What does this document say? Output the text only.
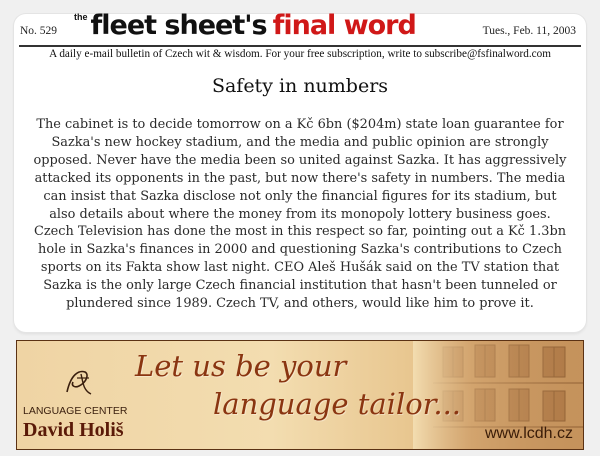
No. 529
$^{the}$ fleet sheet's final word	Tues., Feb. 11, 2003
A daily e-mail bulletin of Czech wit & wisdom. For your free subscription, write to subscribe@fsfinalword.com
Safety in numbers
The cabinet is to decide tomorrow on a Kč 6bn ($204m) state loan guarantee for
Sazka's new hockey stadium, and the media and public opinion are strongly
opposed. Never have the media been so united against Sazka. It has aggressively
attacked its opponents in the past, but now there's safety in numbers. The media
can insist that Sazka disclose not only the financial figures for its stadium, but
also details about where the money from its monopoly lottery business goes.
Czech Television has done the most in this respect so far, pointing out a Kč 1.3bn
hole in Sazka's finances in 2000 and questioning Sazka's contributions to Czech
sports on its Fakta show last night. CEO Aleš Hušák said on the TV station that
Sazka is the only large Czech financial institution that hasn't been tunneled or
plundered since 1989. Czech TV, and others, would like him to prove it.
LANGUAGE CENTER
David Holiš
Let us be your
language tailor...
www.lcdh.cz
